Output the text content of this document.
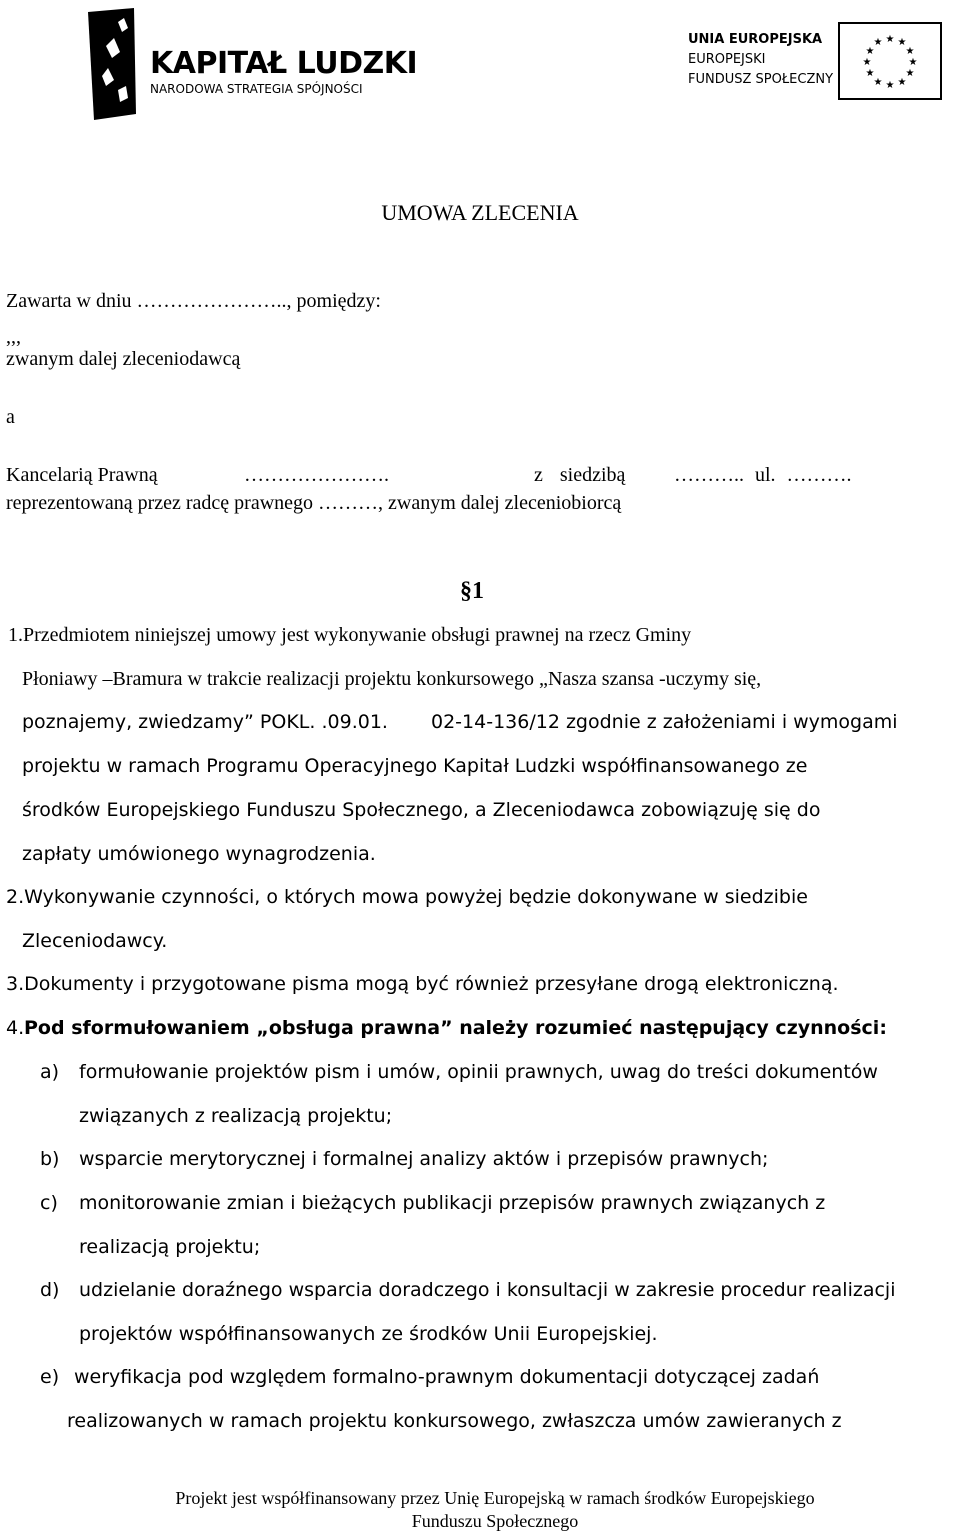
KAPITAŁ LUDZKI
NARODOWA STRATEGIA SPÓJNOŚCI
UNIA EUROPEJSKA
EUROPEJSKI
FUNDUSZ SPOŁECZNY
★ ★
★
★
★
★
★
★
★
★
★
★
UMOWA ZLECENIA
Zawarta w dniu ………………….., pomiędzy:
,,,
zwanym dalej zleceniodawcą
a
Kancelarią Prawną	………………….	z siedzibą ……….. ul. ……….
reprezentowaną przez radcę prawnego ………, zwanym dalej zleceniobiorcą
§1
1.Przedmiotem niniejszej umowy jest wykonywanie obsługi prawnej na rzecz Gminy
Płoniawy –Bramura w trakcie realizacji projektu konkursowego „Nasza szansa -uczymy się,
poznajemy, zwiedzamy” POKL. .09.01. 02-14-136/12 zgodnie z założeniami i wymogami
projektu w ramach Programu Operacyjnego Kapitał Ludzki współfinansowanego ze
środków Europejskiego Funduszu Społecznego, a Zleceniodawca zobowiązuję się do
zapłaty umówionego wynagrodzenia.
2.Wykonywanie czynności, o których mowa powyżej będzie dokonywane w siedzibie
Zleceniodawcy.
3.Dokumenty i przygotowane pisma mogą być również przesyłane drogą elektroniczną.
4. Pod sformułowaniem „obsługa prawna” należy rozumieć następujący czynności:
a) formułowanie projektów pism i umów, opinii prawnych, uwag do treści dokumentów
związanych z realizacją projektu;
b) wsparcie merytorycznej i formalnej analizy aktów i przepisów prawnych;
c) monitorowanie zmian i bieżących publikacji przepisów prawnych związanych z
realizacją projektu;
d) udzielanie doraźnego wsparcia doradczego i konsultacji w zakresie procedur realizacji
projektów współfinansowanych ze środków Unii Europejskiej.
e) weryfikacja pod względem formalno-prawnym dokumentacji dotyczącej zadań
realizowanych w ramach projektu konkursowego, zwłaszcza umów zawieranych z
Projekt jest współfinansowany przez Unię Europejską w ramach środków Europejskiego
Funduszu Społecznego
